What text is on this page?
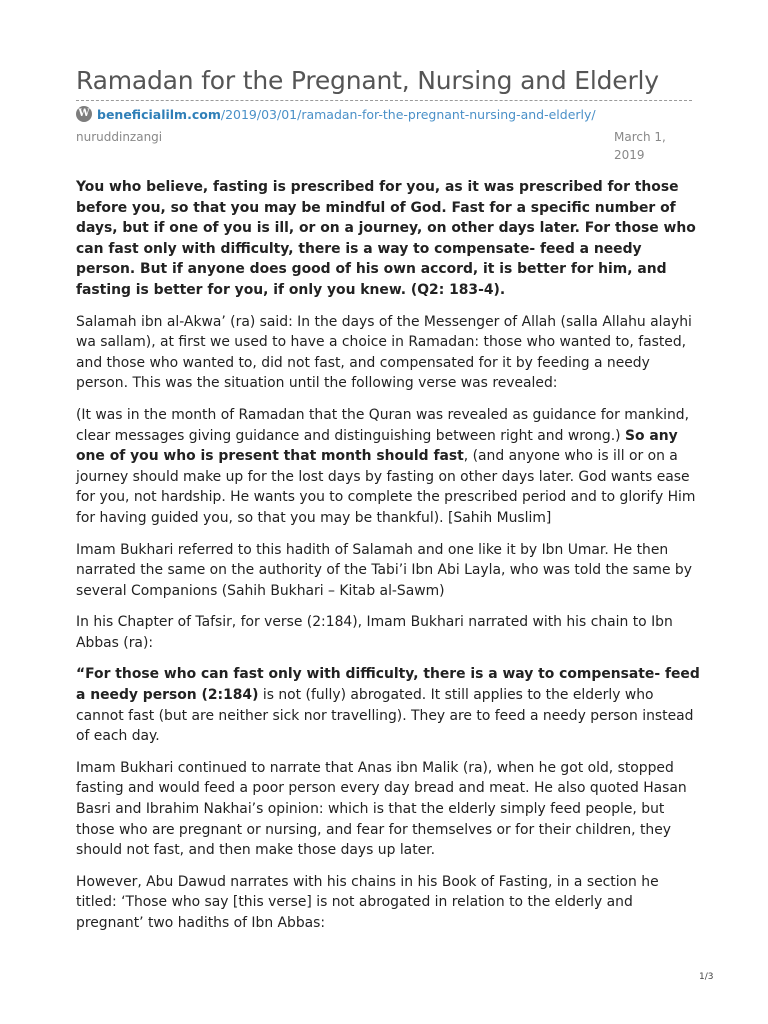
Ramadan for the Pregnant, Nursing and Elderly
W beneficialilm.com /2019/03/01/ramadan-for-the-pregnant-nursing-and-elderly/
nuruddinzangi	March 1,
2019

You who believe, fasting is prescribed for you, as it was prescribed for those before you, so that you may be mindful of God. Fast for a specific number of days, but if one of you is ill, or on a journey, on other days later. For those who can fast only with difficulty, there is a way to compensate- feed a needy person. But if anyone does good of his own accord, it is better for him, and fasting is better for you, if only you knew. (Q2: 183-4).

Salamah ibn al-Akwa’ (ra) said: In the days of the Messenger of Allah (salla Allahu alayhi wa sallam), at first we used to have a choice in Ramadan: those who wanted to, fasted, and those who wanted to, did not fast, and compensated for it by feeding a needy person. This was the situation until the following verse was revealed:

(It was in the month of Ramadan that the Quran was revealed as guidance for mankind, clear messages giving guidance and distinguishing between right and wrong.) So any one of you who is present that month should fast, (and anyone who is ill or on a journey should make up for the lost days by fasting on other days later. God wants ease for you, not hardship. He wants you to complete the prescribed period and to glorify Him for having guided you, so that you may be thankful). [Sahih Muslim]

Imam Bukhari referred to this hadith of Salamah and one like it by Ibn Umar. He then narrated the same on the authority of the Tabi’i Ibn Abi Layla, who was told the same by several Companions (Sahih Bukhari – Kitab al-Sawm)

In his Chapter of Tafsir, for verse (2:184), Imam Bukhari narrated with his chain to Ibn Abbas (ra):

“For those who can fast only with difficulty, there is a way to compensate- feed a needy person (2:184) is not (fully) abrogated. It still applies to the elderly who cannot fast (but are neither sick nor travelling). They are to feed a needy person instead of each day.

Imam Bukhari continued to narrate that Anas ibn Malik (ra), when he got old, stopped fasting and would feed a poor person every day bread and meat. He also quoted Hasan Basri and Ibrahim Nakhai’s opinion: which is that the elderly simply feed people, but those who are pregnant or nursing, and fear for themselves or for their children, they should not fast, and then make those days up later.

However, Abu Dawud narrates with his chains in his Book of Fasting, in a section he titled: ‘Those who say [this verse] is not abrogated in relation to the elderly and pregnant’ two hadiths of Ibn Abbas:

1/3
